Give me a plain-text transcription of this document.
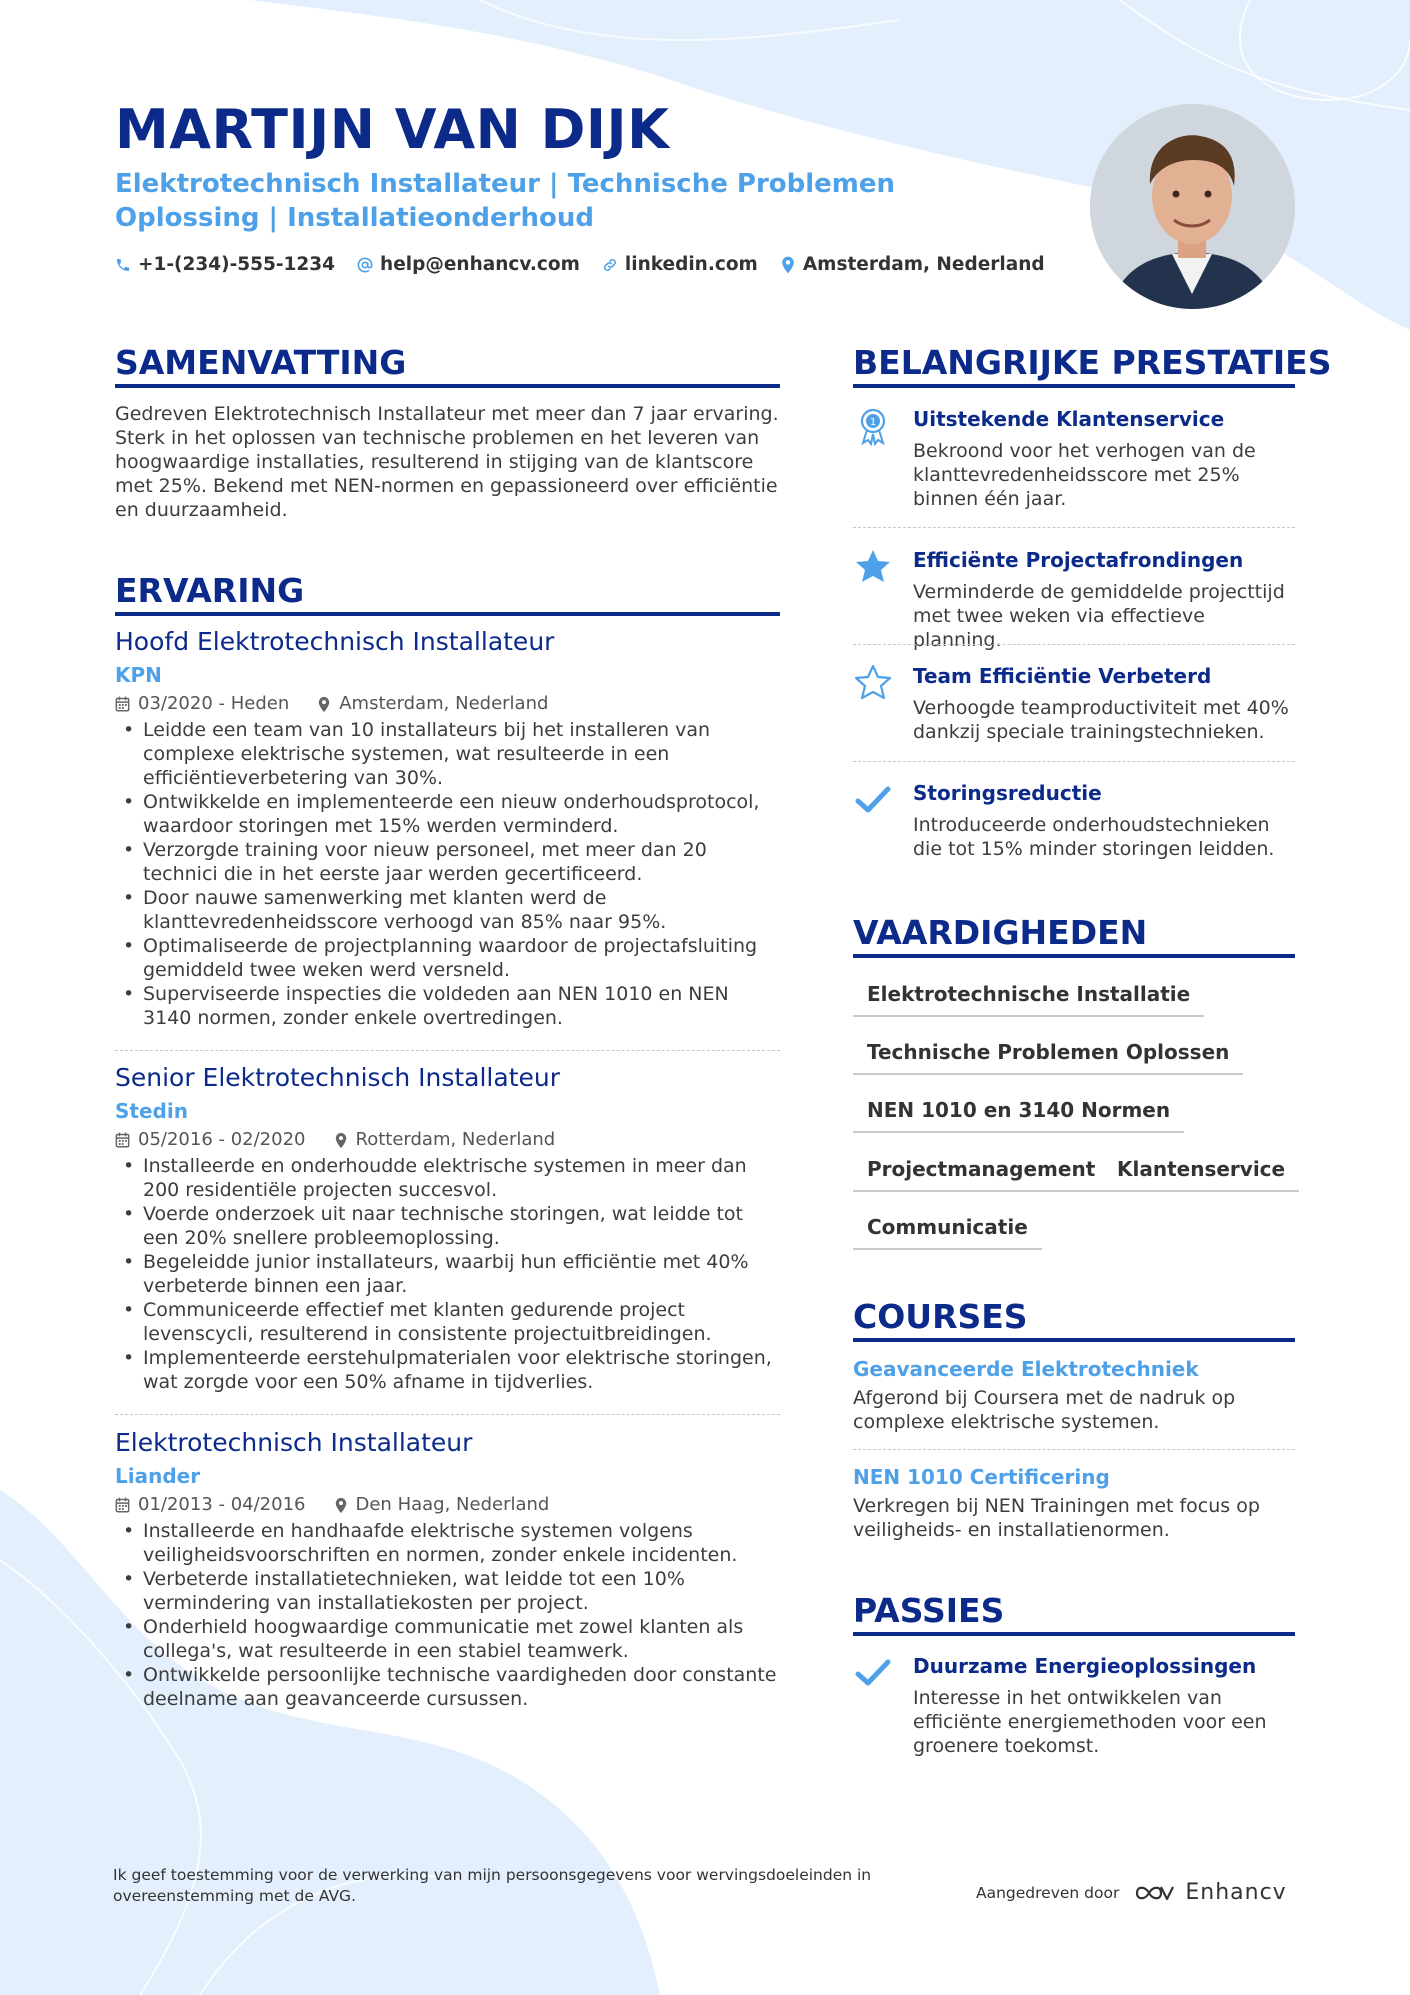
MARTIJN VAN DIJK
Elektrotechnisch Installateur | Technische Problemen Oplossing | Installatieonderhoud
+1-(234)-555-1234 help@enhancv.com linkedin.com Amsterdam, Nederland
SAMENVATTING
Gedreven Elektrotechnisch Installateur met meer dan 7 jaar ervaring. Sterk in het oplossen van technische problemen en het leveren van hoogwaardige installaties, resulterend in stijging van de klantscore met 25%. Bekend met NEN-normen en gepassioneerd over efficiëntie en duurzaamheid.
ERVARING
Hoofd Elektrotechnisch Installateur
KPN
03/2020 - Heden	Amsterdam, Nederland
• Leidde een team van 10 installateurs bij het installeren van complexe elektrische systemen, wat resulteerde in een efficiëntieverbetering van 30%.
• Ontwikkelde en implementeerde een nieuw onderhoudsprotocol, waardoor storingen met 15% werden verminderd.
• Verzorgde training voor nieuw personeel, met meer dan 20 technici die in het eerste jaar werden gecertificeerd.
• Door nauwe samenwerking met klanten werd de klanttevredenheidsscore verhoogd van 85% naar 95%.
• Optimaliseerde de projectplanning waardoor de projectafsluiting gemiddeld twee weken werd versneld.
• Superviseerde inspecties die voldeden aan NEN 1010 en NEN 3140 normen, zonder enkele overtredingen.
Senior Elektrotechnisch Installateur
Stedin
05/2016 - 02/2020	Rotterdam, Nederland
• Installeerde en onderhoudde elektrische systemen in meer dan 200 residentiële projecten succesvol.
• Voerde onderzoek uit naar technische storingen, wat leidde tot een 20% snellere probleemoplossing.
• Begeleidde junior installateurs, waarbij hun efficiëntie met 40% verbeterde binnen een jaar.
• Communiceerde effectief met klanten gedurende project levenscycli, resulterend in consistente projectuitbreidingen.
• Implementeerde eerstehulpmaterialen voor elektrische storingen, wat zorgde voor een 50% afname in tijdverlies.
Elektrotechnisch Installateur
Liander
01/2013 - 04/2016	Den Haag, Nederland
• Installeerde en handhaafde elektrische systemen volgens veiligheidsvoorschriften en normen, zonder enkele incidenten.
• Verbeterde installatietechnieken, wat leidde tot een 10% vermindering van installatiekosten per project.
• Onderhield hoogwaardige communicatie met zowel klanten als collega's, wat resulteerde in een stabiel teamwerk.
• Ontwikkelde persoonlijke technische vaardigheden door constante deelname aan geavanceerde cursussen.
BELANGRIJKE PRESTATIES
1 Uitstekende Klantenservice
Bekroond voor het verhogen van de klanttevredenheidsscore met 25% binnen één jaar.
Efficiënte Projectafrondingen
Verminderde de gemiddelde projecttijd met twee weken via effectieve planning.
Team Efficiëntie Verbeterd
Verhoogde teamproductiviteit met 40% dankzij speciale trainingstechnieken.
Storingsreductie
Introduceerde onderhoudstechnieken die tot 15% minder storingen leidden.
VAARDIGHEDEN
Elektrotechnische Installatie
Technische Problemen Oplossen
NEN 1010 en 3140 Normen
Projectmanagement	Klantenservice
Communicatie
COURSES
Geavanceerde Elektrotechniek
Afgerond bij Coursera met de nadruk op complexe elektrische systemen.
NEN 1010 Certificering
Verkregen bij NEN Trainingen met focus op veiligheids- en installatienormen.
PASSIES
Duurzame Energieoplossingen
Interesse in het ontwikkelen van efficiënte energiemethoden voor een groenere toekomst.
Ik geef toestemming voor de verwerking van mijn persoonsgegevens voor wervingsdoeleinden in overeenstemming met de AVG.	Aangedreven door	Enhancv
